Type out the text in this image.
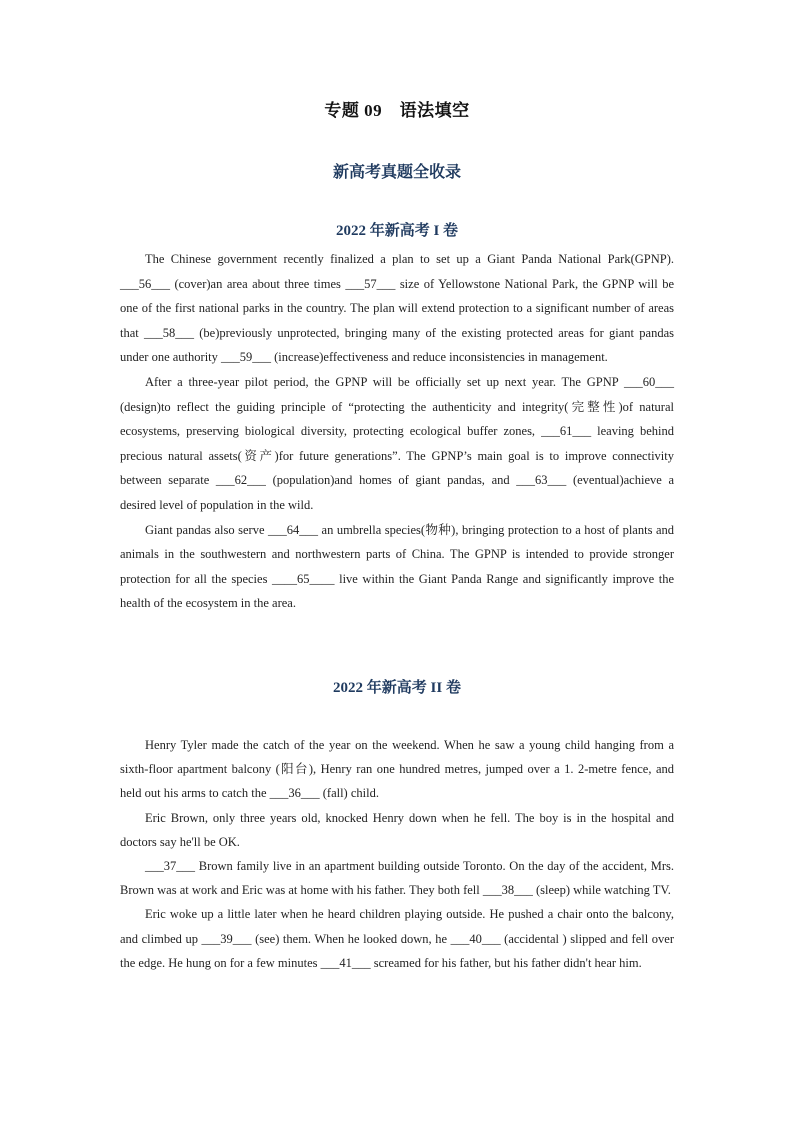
专题 09　语法填空
新高考真题全收录
2022 年新高考 I 卷

The Chinese government recently finalized a plan to set up a Giant Panda National Park(GPNP). ___56___ (cover)an area about three times ___57___ size of Yellowstone National Park, the GPNP will be one of the first national parks in the country. The plan will extend protection to a significant number of areas that ___58___ (be)previously unprotected, bringing many of the existing protected areas for giant pandas under one authority ___59___ (increase)effectiveness and reduce inconsistencies in management.

After a three-year pilot period, the GPNP will be officially set up next year. The GPNP ___60___ (design)to reflect the guiding principle of “protecting the authenticity and integrity(完整性)of natural ecosystems, preserving biological diversity, protecting ecological buffer zones, ___61___ leaving behind precious natural assets(资产)for future generations”. The GPNP’s main goal is to improve connectivity between separate ___62___ (population)and homes of giant pandas, and ___63___ (eventual)achieve a desired level of population in the wild.

Giant pandas also serve ___64___ an umbrella species(物种), bringing protection to a host of plants and animals in the southwestern and northwestern parts of China. The GPNP is intended to provide stronger protection for all the species ____65____ live within the Giant Panda Range and significantly improve the health of the ecosystem in the area.

2022 年新高考 II 卷

Henry Tyler made the catch of the year on the weekend. When he saw a young child hanging from a sixth-floor apartment balcony (阳台), Henry ran one hundred metres, jumped over a 1. 2-metre fence, and held out his arms to catch the ___36___ (fall) child.

Eric Brown, only three years old, knocked Henry down when he fell. The boy is in the hospital and doctors say he'll be OK.

___37___ Brown family live in an apartment building outside Toronto. On the day of the accident, Mrs. Brown was at work and Eric was at home with his father. They both fell ___38___ (sleep) while watching TV.

Eric woke up a little later when he heard children playing outside. He pushed a chair onto the balcony, and climbed up ___39___ (see) them. When he looked down, he ___40___ (accidental ) slipped and fell over the edge. He hung on for a few minutes ___41___ screamed for his father, but his father didn't hear him.
